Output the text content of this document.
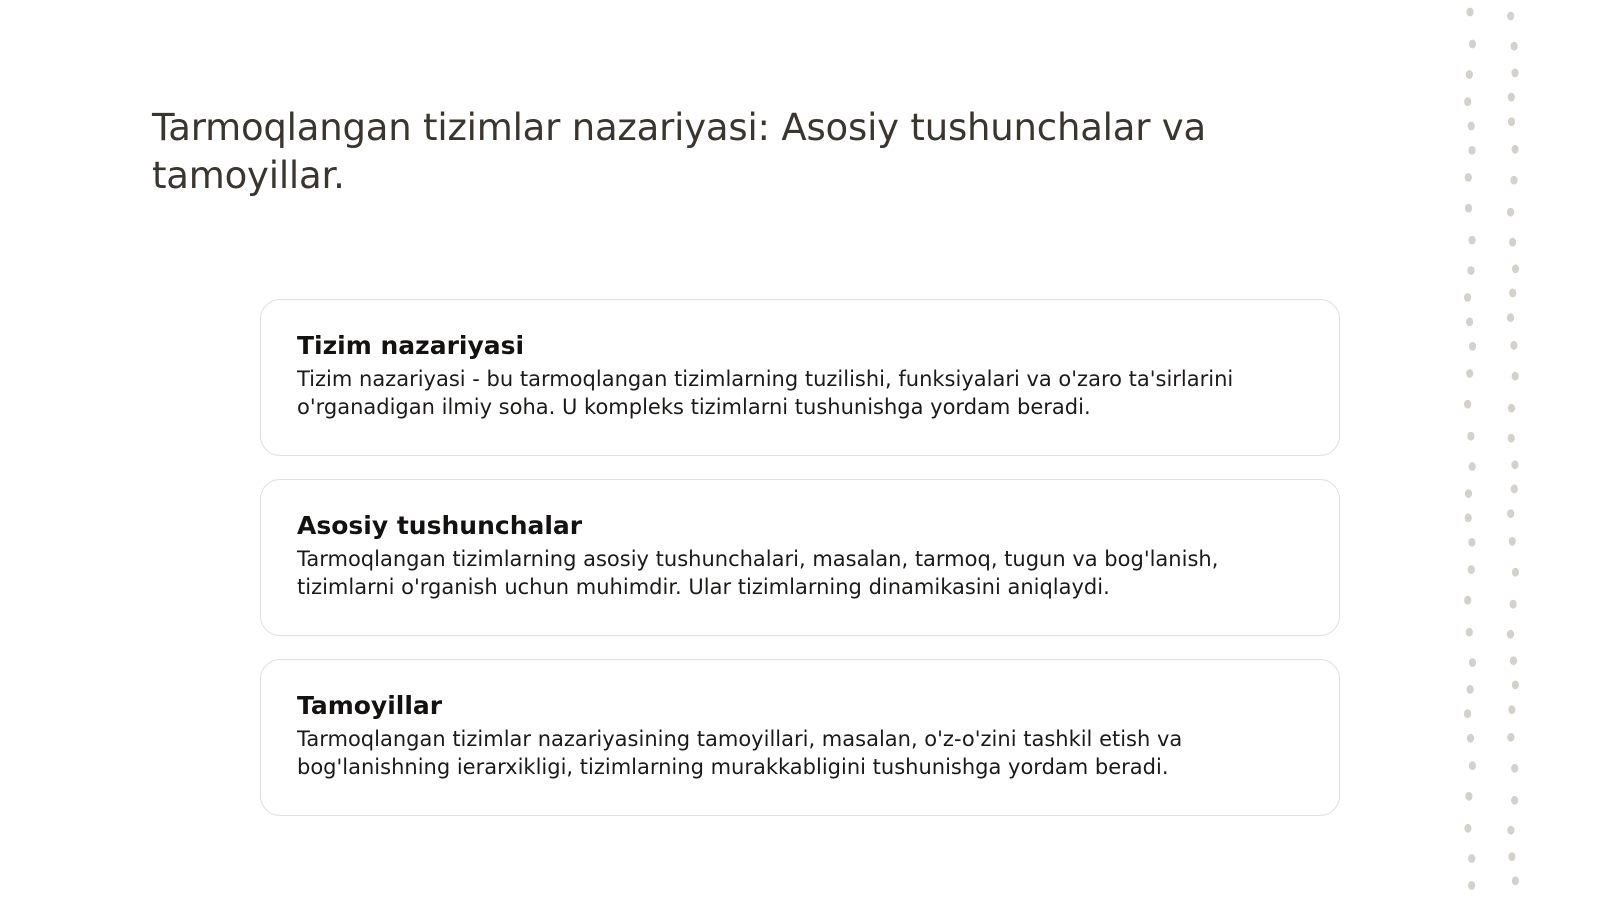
Tarmoqlangan tizimlar nazariyasi: Asosiy tushunchalar va tamoyillar.
Tizim nazariyasi

Tizim nazariyasi - bu tarmoqlangan tizimlarning tuzilishi, funksiyalari va o'zaro ta'sirlarini o'rganadigan ilmiy soha. U kompleks tizimlarni tushunishga yordam beradi.

Asosiy tushunchalar

Tarmoqlangan tizimlarning asosiy tushunchalari, masalan, tarmoq, tugun va bog'lanish, tizimlarni o'rganish uchun muhimdir. Ular tizimlarning dinamikasini aniqlaydi.

Tamoyillar

Tarmoqlangan tizimlar nazariyasining tamoyillari, masalan, o'z-o'zini tashkil etish va bog'lanishning ierarxikligi, tizimlarning murakkabligini tushunishga yordam beradi.
